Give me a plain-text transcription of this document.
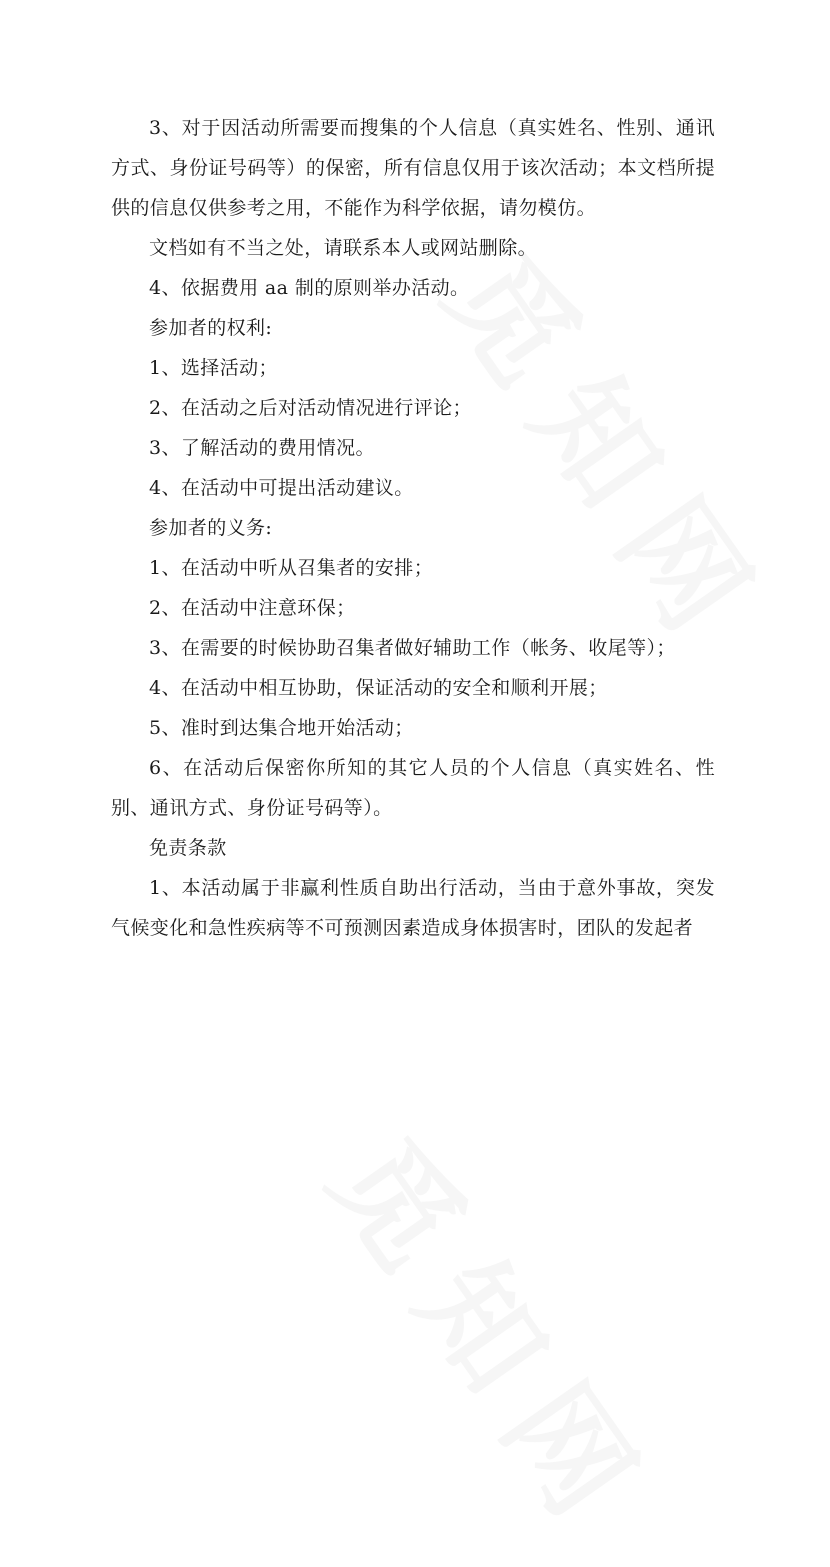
3、对于因活动所需要而搜集的个人信息（真实姓名、性别、通讯方式、身份证号码等）的保密，所有信息仅用于该次活动；本文档所提供的信息仅供参考之用，不能作为科学依据，请勿模仿。

文档如有不当之处，请联系本人或网站删除。

4、依据费用 aa 制的原则举办活动。

参加者的权利:

1、选择活动；

2、在活动之后对活动情况进行评论；

3、了解活动的费用情况。

4、在活动中可提出活动建议。

参加者的义务:

1、在活动中听从召集者的安排；

2、在活动中注意环保；

3、在需要的时候协助召集者做好辅助工作（帐务、收尾等）；

4、在活动中相互协助，保证活动的安全和顺利开展；

5、准时到达集合地开始活动；

6、在活动后保密你所知的其它人员的个人信息（真实姓名、性别、通讯方式、身份证号码等）。

免责条款

1、本活动属于非赢利性质自助出行活动，当由于意外事故，突发气候变化和急性疾病等不可预测因素造成身体损害时，团队的发起者
